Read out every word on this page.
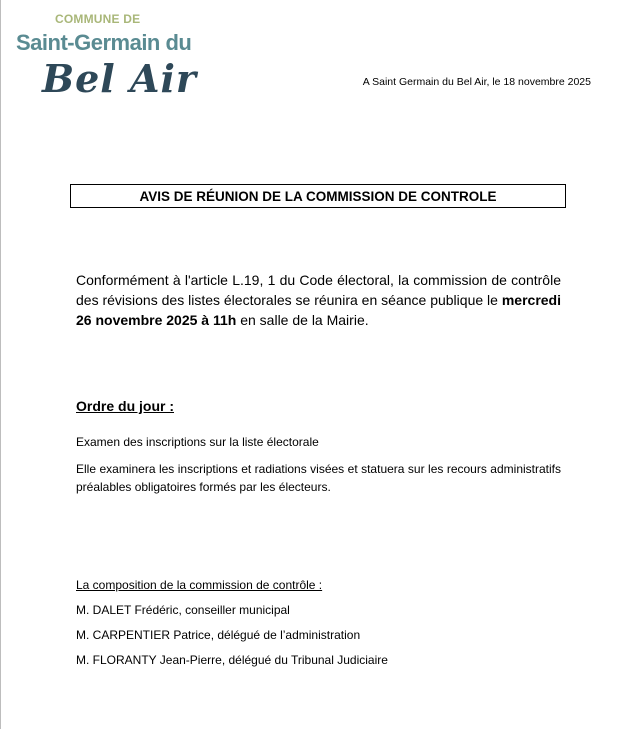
COMMUNE DE
Saint-Germain du
Bel Air	A Saint Germain du Bel Air, le 18 novembre 2025
AVIS DE RÉUNION DE LA COMMISSION DE CONTROLE
Conformément à l'article L.19, 1 du Code électoral, la commission de contrôle des révisions des listes électorales se réunira en séance publique le mercredi 26 novembre 2025 à 11h en salle de la Mairie.
Ordre du jour :
Examen des inscriptions sur la liste électorale
Elle examinera les inscriptions et radiations visées et statuera sur les recours administratifs préalables obligatoires formés par les électeurs.
La composition de la commission de contrôle :
M. DALET Frédéric, conseiller municipal
M. CARPENTIER Patrice, délégué de l’administration
M. FLORANTY Jean-Pierre, délégué du Tribunal Judiciaire
